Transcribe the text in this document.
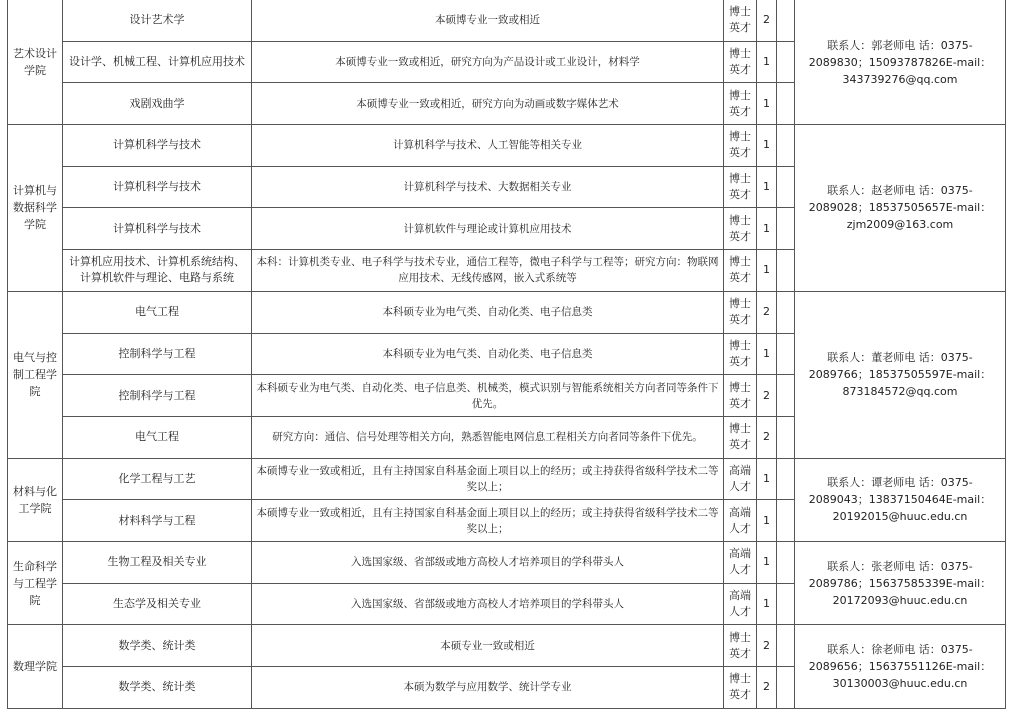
艺术设计学院	设计艺术学	本硕博专业一致或相近	博士英才	2		联系人：郭老师电 话：0375-2089830；15093787826E-mail：343739276@qq.com
	设计学、机械工程、计算机应用技术	本硕博专业一致或相近，研究方向为产品设计或工业设计，材料学	博士英才	1		
	戏剧戏曲学	本硕博专业一致或相近，研究方向为动画或数字媒体艺术	博士英才	1		
计算机与数据科学学院	计算机科学与技术	计算机科学与技术、人工智能等相关专业	博士英才	1		联系人：赵老师电 话：0375-2089028；18537505657E-mail：zjm2009@163.com
	计算机科学与技术	计算机科学与技术、大数据相关专业	博士英才	1		
	计算机科学与技术	计算机软件与理论或计算机应用技术	博士英才	1		
	计算机应用技术、计算机系统结构、计算机软件与理论、电路与系统	本科：计算机类专业、电子科学与技术专业，通信工程等，微电子科学与工程等；研究方向：物联网应用技术、无线传感网，嵌入式系统等	博士英才	1		
电气与控制工程学院	电气工程	本科硕专业为电气类、自动化类、电子信息类	博士英才	2		联系人：董老师电 话：0375-2089766；18537505597E-mail：873184572@qq.com
	控制科学与工程	本科硕专业为电气类、自动化类、电子信息类	博士英才	1		
	控制科学与工程	本科硕专业为电气类、自动化类、电子信息类、机械类，模式识别与智能系统相关方向者同等条件下优先。	博士英才	2		
	电气工程	研究方向：通信、信号处理等相关方向，熟悉智能电网信息工程相关方向者同等条件下优先。	博士英才	2		
材料与化工学院	化学工程与工艺	本硕博专业一致或相近，且有主持国家自科基金面上项目以上的经历；或主持获得省级科学技术二等奖以上；	高端人才	1		联系人：谭老师电 话：0375-2089043；13837150464E-mail：20192015@huuc.edu.cn
	材料科学与工程	本硕博专业一致或相近，且有主持国家自科基金面上项目以上的经历；或主持获得省级科学技术二等奖以上；	高端人才	1		
生命科学与工程学院	生物工程及相关专业	入选国家级、省部级或地方高校人才培养项目的学科带头人	高端人才	1		联系人：张老师电 话：0375-2089786；15637585339E-mail：20172093@huuc.edu.cn
	生态学及相关专业	入选国家级、省部级或地方高校人才培养项目的学科带头人	高端人才	1		
数理学院	数学类、统计类	本硕专业一致或相近	博士英才	2		联系人：徐老师电 话：0375-2089656；15637551126E-mail：30130003@huuc.edu.cn
	数学类、统计类	本硕为数学与应用数学、统计学专业	博士英才	2		
